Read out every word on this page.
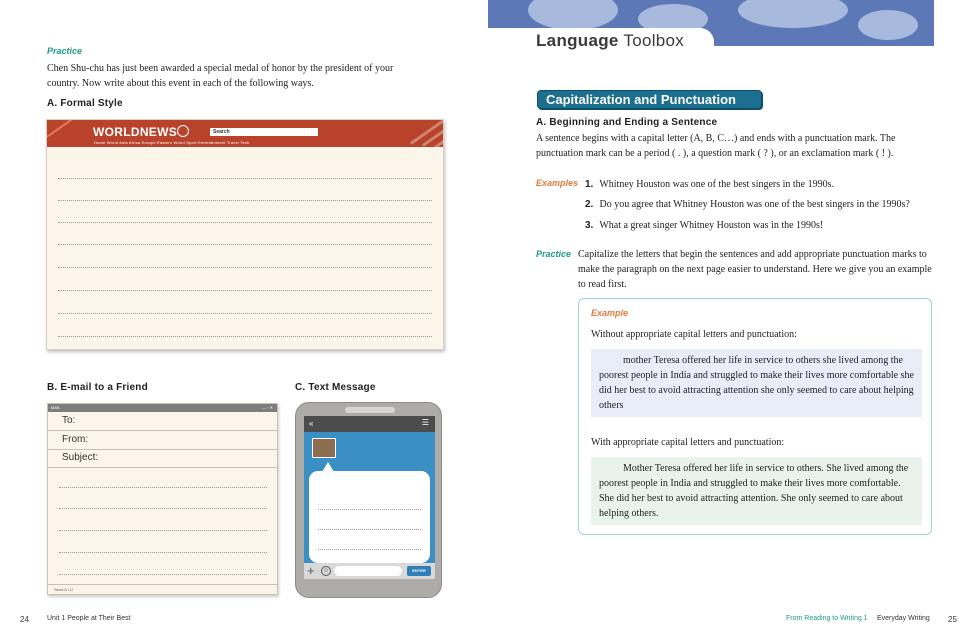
Practice
Chen Shu-chu has just been awarded a special medal of honor by the president of your country. Now write about this event in each of the following ways.
A. Formal Style
WORLDNEWS	Search
Home World Asia Africa Europe Eastern World Sport Entertainment Travel Tech
B. E-mail to a Friend
MAIL	— ▫ ✕
To:
From:
Subject:
Send A I U
C. Text Message
«	☰
+	☺	ENTER
24	Unit 1 People at Their Best
Language Toolbox
Capitalization and Punctuation
A. Beginning and Ending a Sentence
A sentence begins with a capital letter (A, B, C…) and ends with a punctuation mark. The punctuation mark can be a period ( . ), a question mark ( ? ), or an exclamation mark ( ! ).
Examples 1. Whitney Houston was one of the best singers in the 1990s.
2. Do you agree that Whitney Houston was one of the best singers in the 1990s?
3. What a great singer Whitney Houston was in the 1990s!
Practice Capitalize the letters that begin the sentences and add appropriate punctuation marks to make the paragraph on the next page easier to understand. Here we give you an example to read first.
Example
Without appropriate capital letters and punctuation:
mother Teresa offered her life in service to others she lived among the poorest people in India and struggled to make their lives more comfortable she did her best to avoid attracting attention she only seemed to care about helping others
With appropriate capital letters and punctuation:
Mother Teresa offered her life in service to others. She lived among the poorest people in India and struggled to make their lives more comfortable. She did her best to avoid attracting attention. She only seemed to care about helping others.
From Reading to Writing 1 Everyday Writing 25
